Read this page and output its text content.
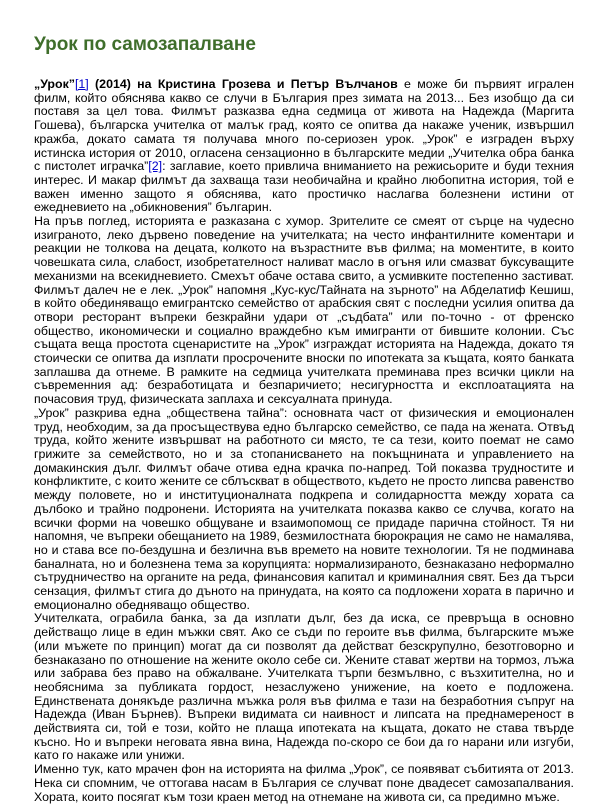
Урок по самозапалване

„Урок”[1] (2014) на Кристина Грозева и Петър Вълчанов е може би първият игрален филм, който обяснява какво се случи в България през зимата на 2013... Без изобщо да си поставя за цел това. Филмът разказва една седмица от живота на Надежда (Маргита Гошева), българска учителка от малък град, която се опитва да накаже ученик, извършил кражба, докато самата тя получава много по-сериозен урок. „Урок” е изграден върху истинска история от 2010, огласена сензационно в българските медии „Учителка обра банка с пистолет играчка”[2]: заглавие, което привлича вниманието на режисьорите и буди техния интерес. И макар филмът да захваща тази необичайна и крайно любопитна история, той е важен именно защото я обяснява, като простичко наслагва болезнени истини от ежедневието на „обикновения” българин.

На пръв поглед, историята е разказана с хумор. Зрителите се смеят от сърце на чудесно изиграното, леко дървено поведение на учителката; на често инфантилните коментари и реакции не толкова на децата, колкото на възрастните във филма; на моментите, в които човешката сила, слабост, изобретателност наливат масло в огъня или смазват буксуващите механизми на всекидневието. Смехът обаче остава свито, а усмивките постепенно застиват. Филмът далеч не е лек. „Урок” напомня „Кус-кус/Тайната на зърното” на Абделатиф Кешиш, в който обединяващо емигрантско семейство от арабския свят с последни усилия опитва да отвори ресторант въпреки безкрайни удари от „съдбата” или по-точно - от френско общество, икономически и социално враждебно към имигранти от бившите колонии. Със същата веща простота сценаристите на „Урок” изграждат историята на Надежда, докато тя стоически се опитва да изплати просрочените вноски по ипотеката за къщата, която банката заплашва да отнеме. В рамките на седмица учителката преминава през всички цикли на съвременния ад: безработицата и безпаричието; несигурността и експлоатацията на почасовия труд, физическата заплаха и сексуалната принуда.

„Урок” разкрива една „обществена тайна”: основната част от физическия и емоционален труд, необходим, за да просъществува едно българско семейство, се пада на жената. Отвъд труда, който жените извършват на работното си място, те са тези, които поемат не само грижите за семейството, но и за стопанисването на покъщнината и управлението на домакинския дълг. Филмът обаче отива една крачка по-напред. Той показва трудностите и конфликтите, с които жените се сблъскват в обществото, където не просто липсва равенство между половете, но и институционалната подкрепа и солидарността между хората са дълбоко и трайно подронени. Историята на учителката показва какво се случва, когато на всички форми на човешко общуване и взаимопомощ се придаде парична стойност. Тя ни напомня, че въпреки обещанието на 1989, безмилостната бюрокрация не само не намалява, но и става все по-бездушна и безлична във времето на новите технологии. Тя не подминава баналната, но и болезнена тема за корупцията: нормализираното, безнаказано неформално сътрудничество на органите на реда, финансовия капитал и криминалния свят. Без да търси сензация, филмът стига до дъното на принудата, на която са подложени хората в парично и емоционално обедняващо общество.

Учителката, ограбила банка, за да изплати дълг, без да иска, се превръща в основно действащо лице в един мъжки свят. Ако се съди по героите във филма, българските мъже (или мъжете по принцип) могат да си позволят да действат безскрупулно, безотговорно и безнаказано по отношение на жените около себе си. Жените стават жертви на тормоз, лъжа или забрава без право на обжалване. Учителката търпи безмълвно, с възхитителна, но и необяснима за публиката гордост, незаслужено унижение, на което е подложена. Единствената донякъде различна мъжка роля във филма е тази на безработния съпруг на Надежда (Иван Бърнев). Въпреки видимата си наивност и липсата на преднамереност в действията си, той е този, който не плаща ипотеката на къщата, докато не става твърде късно. Но и въпреки неговата явна вина, Надежда по-скоро се бои да го нарани или изгуби, като го накаже или унижи.

Именно тук, като мрачен фон на историята на филма „Урок”, се появяват събитията от 2013. Нека си спомним, че оттогава насам в България се случват поне двадесет самозапалвания. Хората, които посягат към този краен метод на отнемане на живота си, са предимно мъже.
